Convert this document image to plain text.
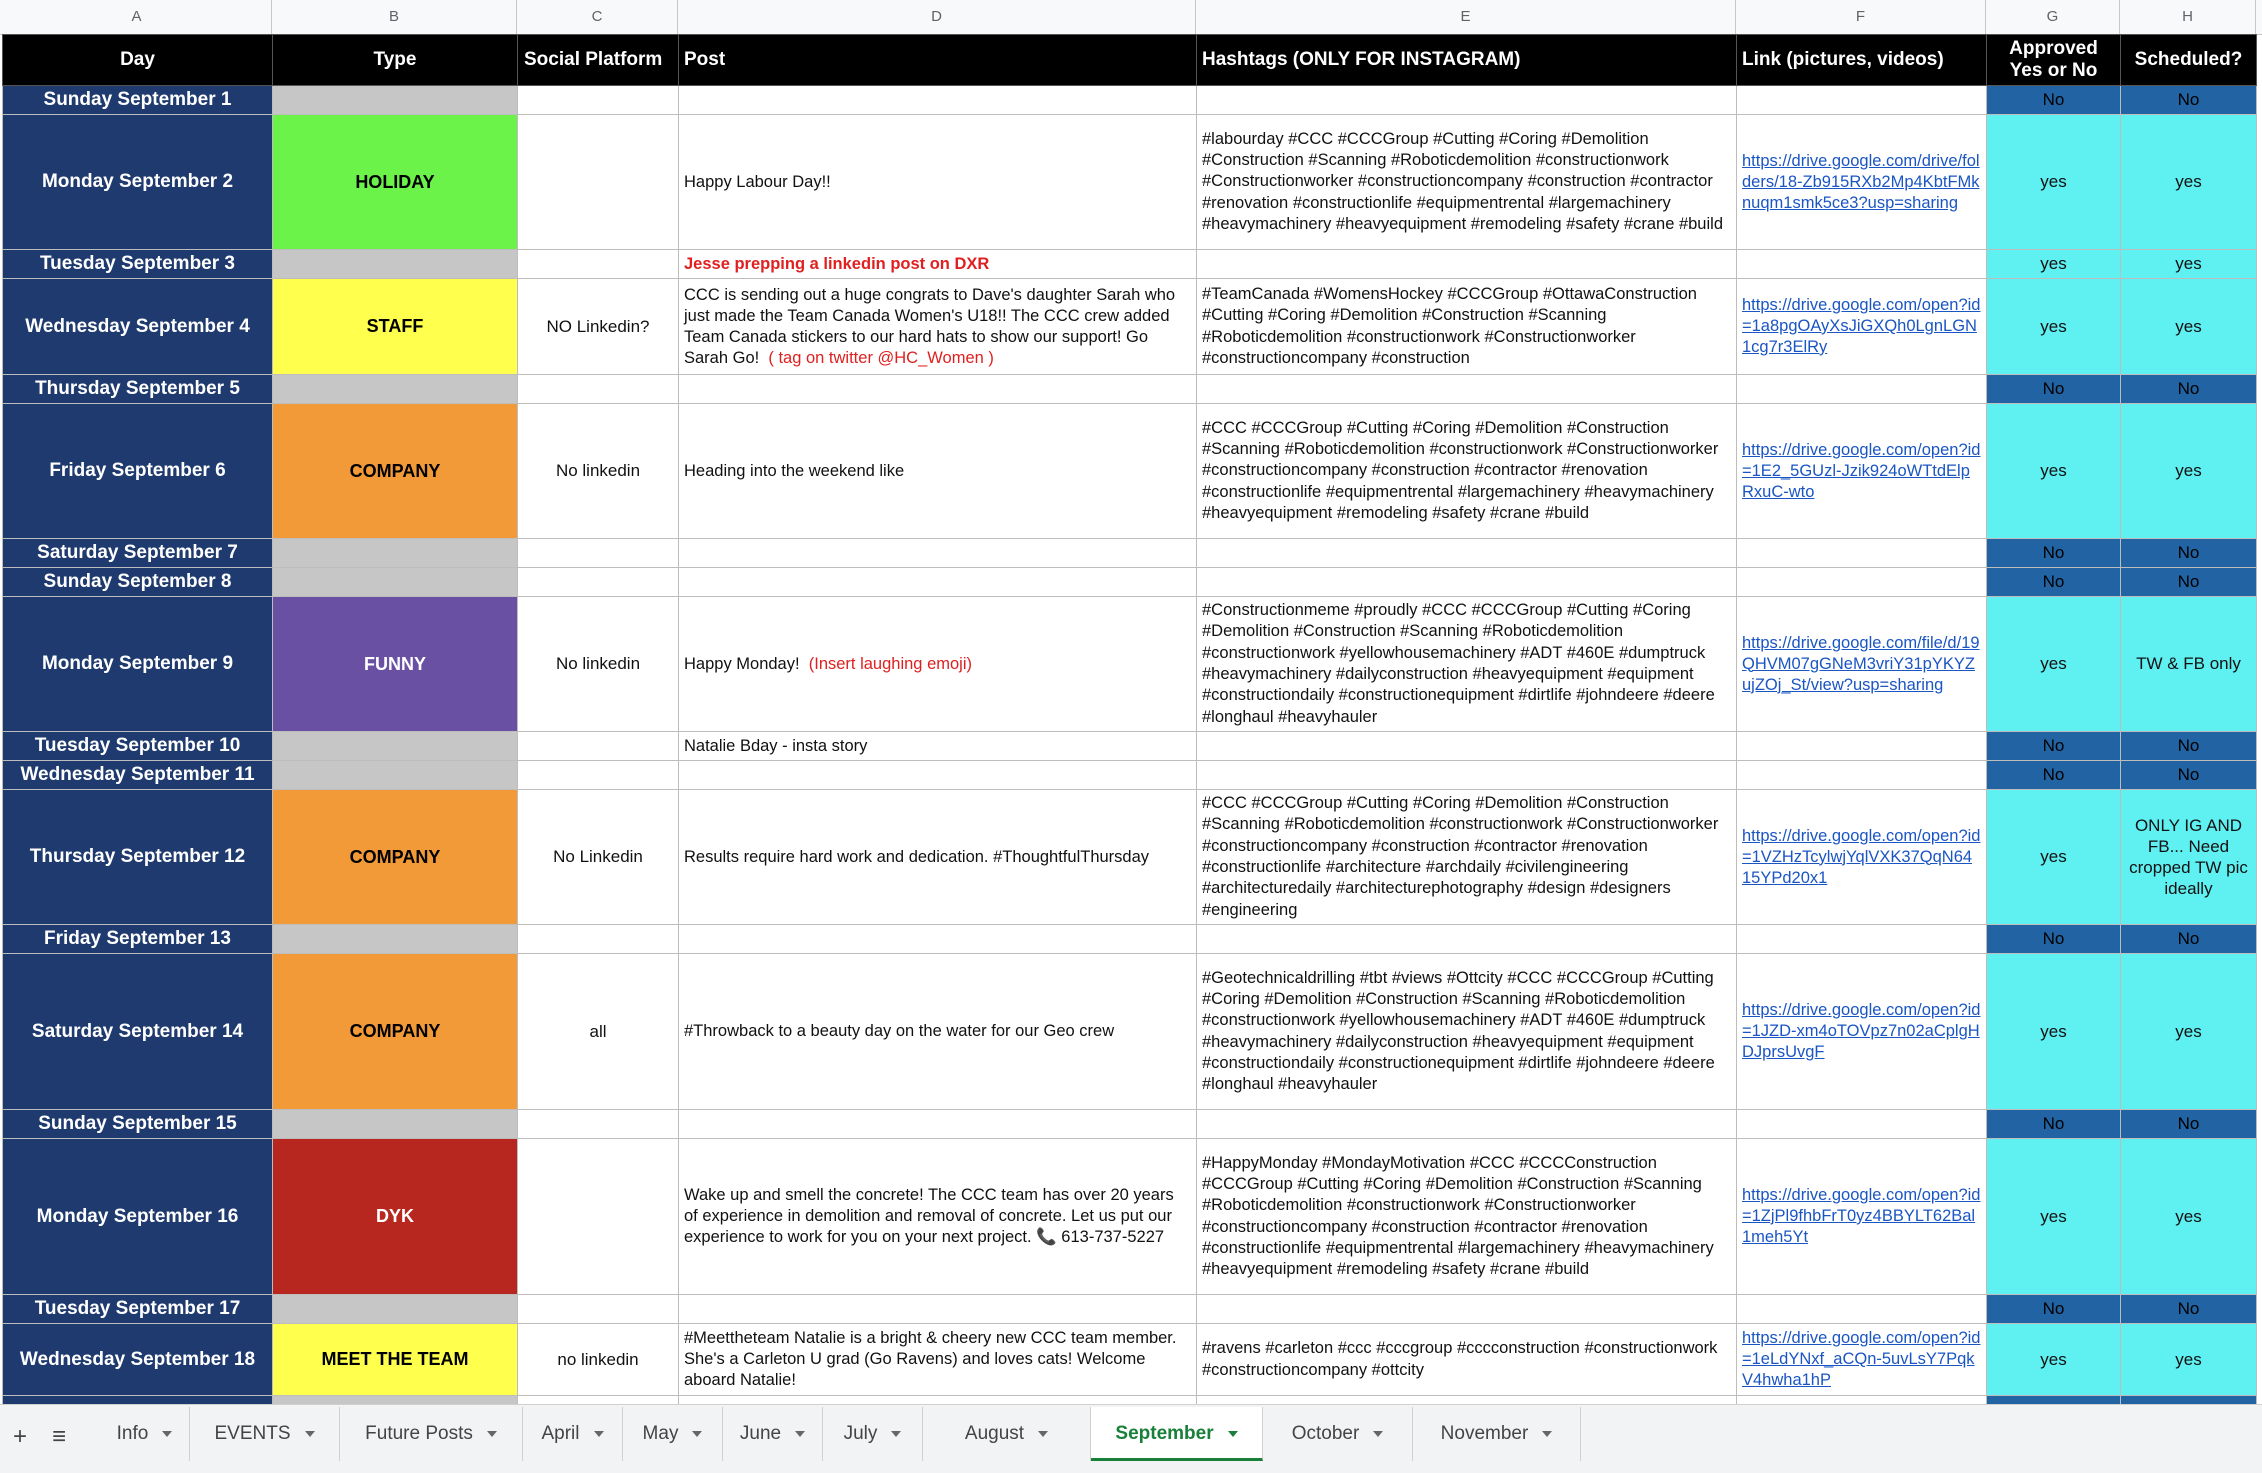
A	B	C	D	E	F	G	H
Day	Type	Social Platform	Post	Hashtags (ONLY FOR INSTAGRAM)	Link (pictures, videos)	Approved Yes or No	Scheduled?
Sunday September 1						No	No
Monday September 2	HOLIDAY		Happy Labour Day!!	#labourday #CCC #CCCGroup #Cutting #Coring #Demolition #Construction #Scanning #Roboticdemolition #constructionwork #Constructionworker #constructioncompany #construction #contractor #renovation #constructionlife #equipmentrental #largemachinery #heavymachinery #heavyequipment #remodeling #safety #crane #build	https://drive.google.com/drive/folders/18-Zb915RXb2Mp4KbtFMknuqm1smk5ce3?usp=sharing	yes	yes
Tuesday September 3			Jesse prepping a linkedin post on DXR			yes	yes
Wednesday September 4	STAFF	NO Linkedin?	CCC is sending out a huge congrats to Dave's daughter Sarah who just made the Team Canada Women's U18!! The CCC crew added Team Canada stickers to our hard hats to show our support! Go Sarah Go! ( tag on twitter @HC_Women )	#TeamCanada #WomensHockey #CCCGroup #OttawaConstruction #Cutting #Coring #Demolition #Construction #Scanning #Roboticdemolition #constructionwork #Constructionworker #constructioncompany #construction	https://drive.google.com/open?id=1a8pgOAyXsJiGXQh0LgnLGN1cg7r3ElRy	yes	yes
Thursday September 5						No	No
Friday September 6	COMPANY	No linkedin	Heading into the weekend like	#CCC #CCCGroup #Cutting #Coring #Demolition #Construction #Scanning #Roboticdemolition #constructionwork #Constructionworker #constructioncompany #construction #contractor #renovation #constructionlife #equipmentrental #largemachinery #heavymachinery #heavyequipment #remodeling #safety #crane #build	https://drive.google.com/open?id=1E2_5GUzl-Jzik924oWTtdElpRxuC-wto	yes	yes
Saturday September 7						No	No
Sunday September 8						No	No
Monday September 9	FUNNY	No linkedin	Happy Monday! (Insert laughing emoji)	#Constructionmeme #proudly #CCC #CCCGroup #Cutting #Coring #Demolition #Construction #Scanning #Roboticdemolition #constructionwork #yellowhousemachinery #ADT #460E #dumptruck #heavymachinery #dailyconstruction #heavyequipment #equipment #constructiondaily #constructionequipment #dirtlife #johndeere #deere #longhaul #heavyhauler	https://drive.google.com/file/d/19QHVM07gGNeM3vriY31pYKYZujZOj_St/view?usp=sharing	yes	TW & FB only
Tuesday September 10			Natalie Bday - insta story			No	No
Wednesday September 11						No	No
Thursday September 12	COMPANY	No Linkedin	Results require hard work and dedication. #ThoughtfulThursday	#CCC #CCCGroup #Cutting #Coring #Demolition #Construction #Scanning #Roboticdemolition #constructionwork #Constructionworker #constructioncompany #construction #contractor #renovation #constructionlife #architecture #archdaily #civilengineering #architecturedaily #architecturephotography #design #designers #engineering	https://drive.google.com/open?id=1VZHzTcylwjYqlVXK37QqN6415YPd20x1	yes	ONLY IG AND FB... Need cropped TW pic ideally
Friday September 13						No	No
Saturday September 14	COMPANY	all	#Throwback to a beauty day on the water for our Geo crew	#Geotechnicaldrilling #tbt #views #Ottcity #CCC #CCCGroup #Cutting #Coring #Demolition #Construction #Scanning #Roboticdemolition #constructionwork #yellowhousemachinery #ADT #460E #dumptruck #heavymachinery #dailyconstruction #heavyequipment #equipment #constructiondaily #constructionequipment #dirtlife #johndeere #deere #longhaul #heavyhauler	https://drive.google.com/open?id=1JZD-xm4oTOVpz7n02aCplgHDJprsUvgF	yes	yes
Sunday September 15						No	No
Monday September 16	DYK		Wake up and smell the concrete! The CCC team has over 20 years of experience in demolition and removal of concrete. Let us put our  experience to work for you on your next project. 📞 613-737-5227	#HappyMonday #MondayMotivation #CCC #CCCConstruction #CCCGroup #Cutting #Coring #Demolition #Construction #Scanning #Roboticdemolition #constructionwork #Constructionworker #constructioncompany #construction #contractor #renovation #constructionlife #equipmentrental #largemachinery #heavymachinery #heavyequipment #remodeling #safety #crane #build	https://drive.google.com/open?id=1ZjPl9fhbFrT0yz4BBYLT62Bal1meh5Yt	yes	yes
Tuesday September 17						No	No
Wednesday September 18	MEET THE TEAM	no linkedin	#Meettheteam Natalie is a bright & cheery new CCC team member. She's a Carleton U grad (Go Ravens) and loves cats! Welcome aboard Natalie!	#ravens #carleton #ccc #cccgroup #cccconstruction #constructionwork #constructioncompany #ottcity	https://drive.google.com/open?id=1eLdYNxf_aCQn-5uvLsY7PqkV4hwha1hP	yes	yes

+	≡	Info	EVENTS	Future Posts	April	May	June	July	August	September	October	November
